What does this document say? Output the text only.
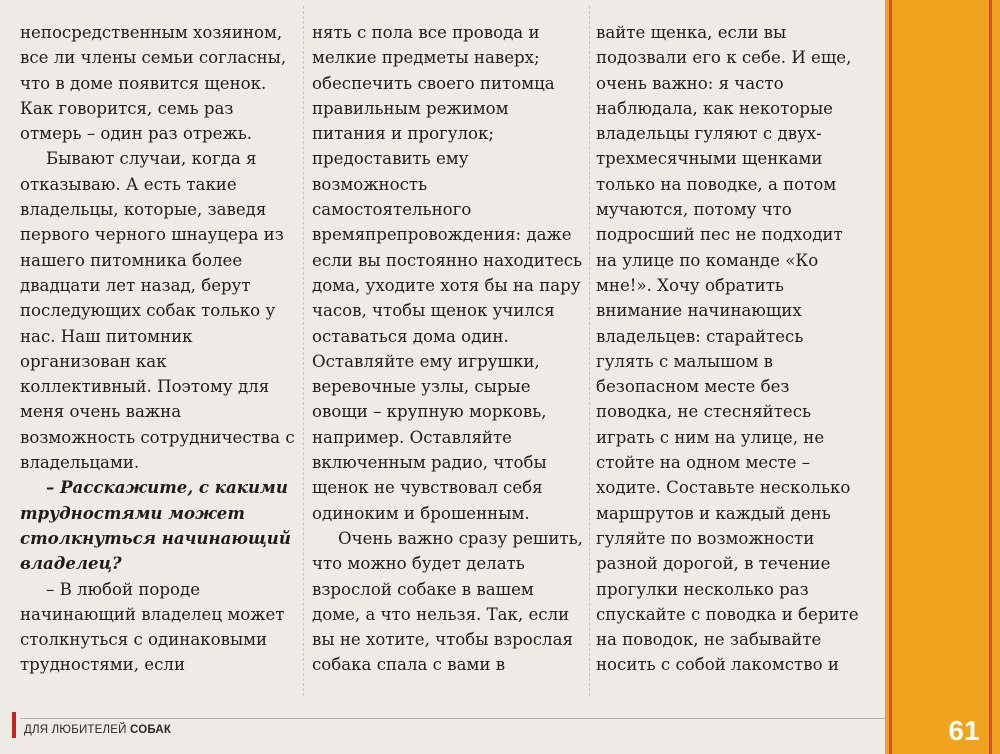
непосредственным хозяином, все ли члены семьи согласны, что в доме появится щенок. Как говорится, семь раз отмерь – один раз отрежь.

Бывают случаи, когда я отказываю. А есть такие владельцы, которые, заведя первого черного шнауцера из нашего питомника более двадцати лет назад, берут последующих собак только у нас. Наш питомник организован как коллективный. Поэтому для меня очень важна возможность сотрудничества с владельцами.

– Расскажите, с какими трудностями может столкнуться начинающий владелец?

– В любой породе начинающий владелец может столкнуться с одинаковыми трудностями, если

нять с пола все провода и мелкие предметы наверх; обеспечить своего питомца правильным режимом питания и прогулок; предоставить ему возможность самостоятельного времяпрепровождения: даже если вы постоянно находитесь дома, уходите хотя бы на пару часов, чтобы щенок учился оставаться дома один. Оставляйте ему игрушки, веревочные узлы, сырые овощи – крупную морковь, например. Оставляйте включенным радио, чтобы щенок не чувствовал себя одиноким и брошенным.

Очень важно сразу решить, что можно будет делать взрослой собаке в вашем доме, а что нельзя. Так, если вы не хотите, чтобы взрослая собака спала с вами в

вайте щенка, если вы подозвали его к себе. И еще, очень важно: я часто наблюдала, как некоторые владельцы гуляют с двух-трехмесячными щенками только на поводке, а потом мучаются, потому что подросший пес не подходит на улице по команде «Ко мне!». Хочу обратить внимание начинающих владельцев: старайтесь гулять с малышом в безопасном месте без поводка, не стесняйтесь играть с ним на улице, не стойте на одном месте – ходите. Составьте несколько маршрутов и каждый день гуляйте по возможности разной дорогой, в течение прогулки несколько раз спускайте с поводка и берите на поводок, не забывайте носить с собой лакомство и

ДЛЯ ЛЮБИТЕЛЕЙ СОБАК	61
